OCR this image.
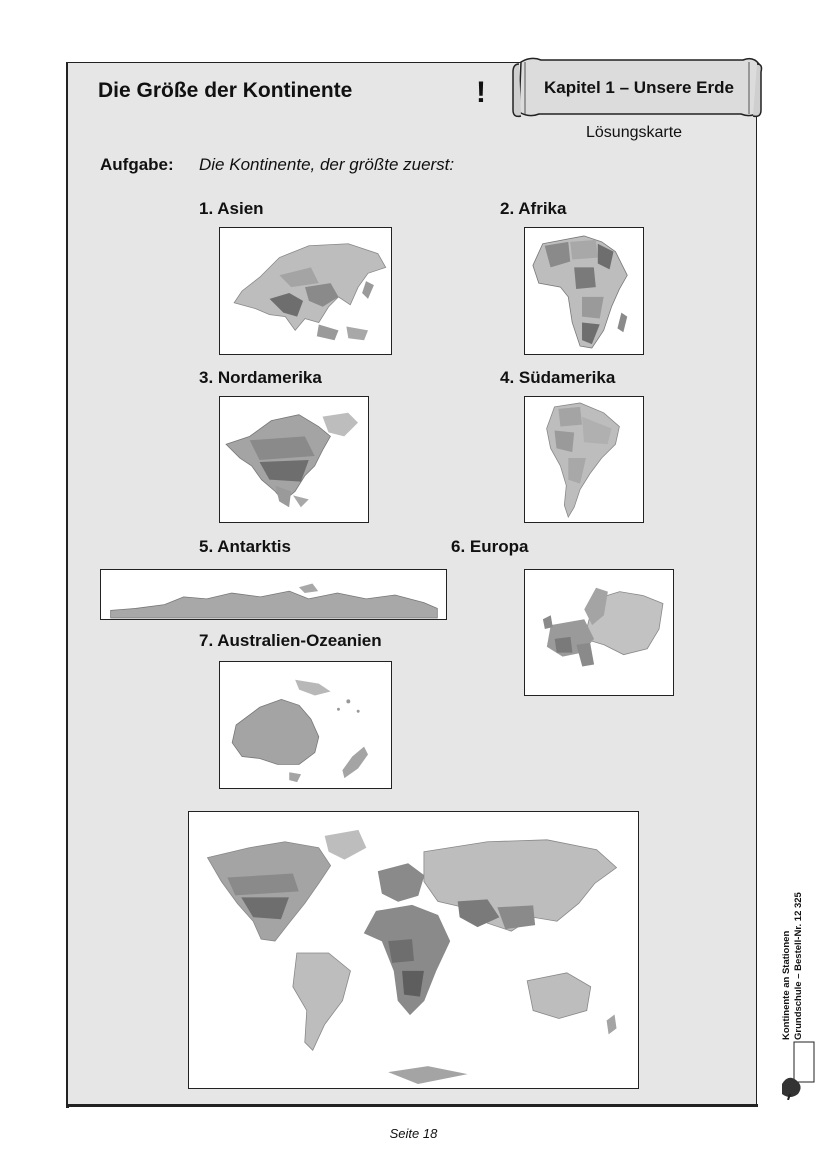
Die Größe der Kontinente	!	Kapitel 1 – Unsere Erde
Lösungskarte
Aufgabe: Die Kontinente, der größte zuerst:
1. Asien	2. Afrika
3. Nordamerika	4. Südamerika
5. Antarktis	6. Europa
7. Australien-Ozeanien
Kontinente an Stationen Grundschule – Bestell-Nr. 12 325
Seite 18
